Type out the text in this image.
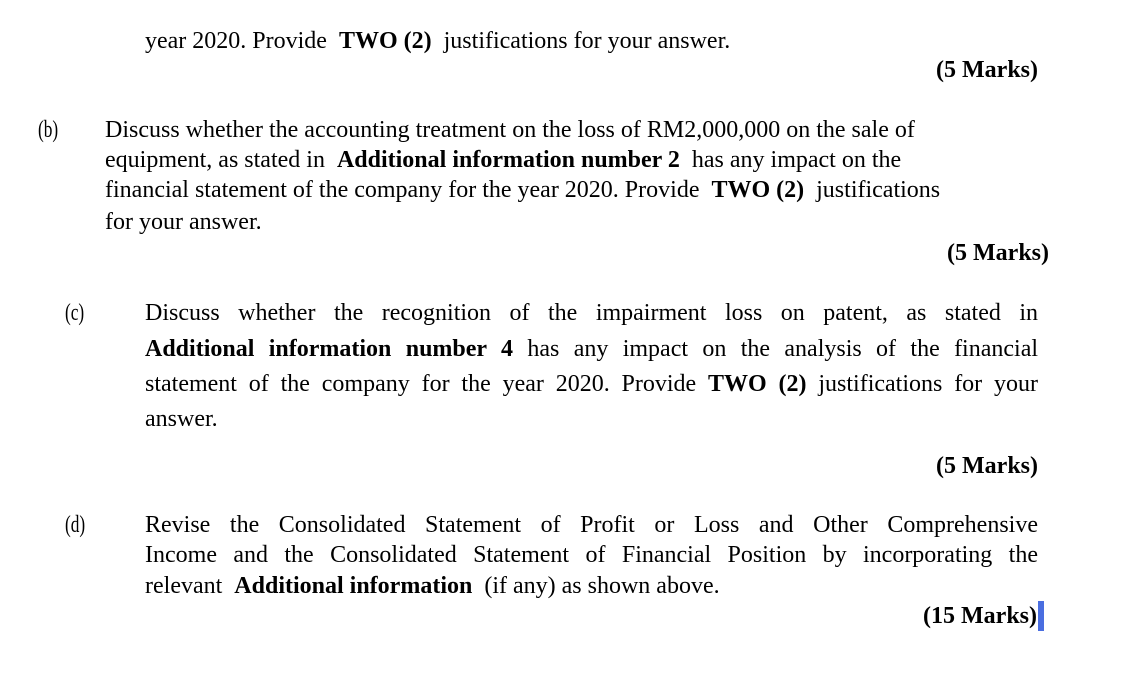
year 2020. Provide  TWO (2)  justifications for your answer.
(5 Marks)
(b) Discuss whether the accounting treatment on the loss of RM2,000,000 on the sale of
equipment, as stated in  Additional information number 2  has any impact on the
financial statement of the company for the year 2020. Provide  TWO (2)  justifications
for your answer.
(5 Marks)
(c)	Discuss whether the recognition of the impairment loss on patent, as stated in
Additional information number 4 has any impact on the analysis of the financial
statement of the company for the year 2020. Provide TWO (2) justifications for your
answer.
(5 Marks)
(d) Revise the Consolidated Statement of Profit or Loss and Other Comprehensive
Income and the Consolidated Statement of Financial Position by incorporating the
relevant  Additional information  (if any) as shown above.
(15 Marks)
